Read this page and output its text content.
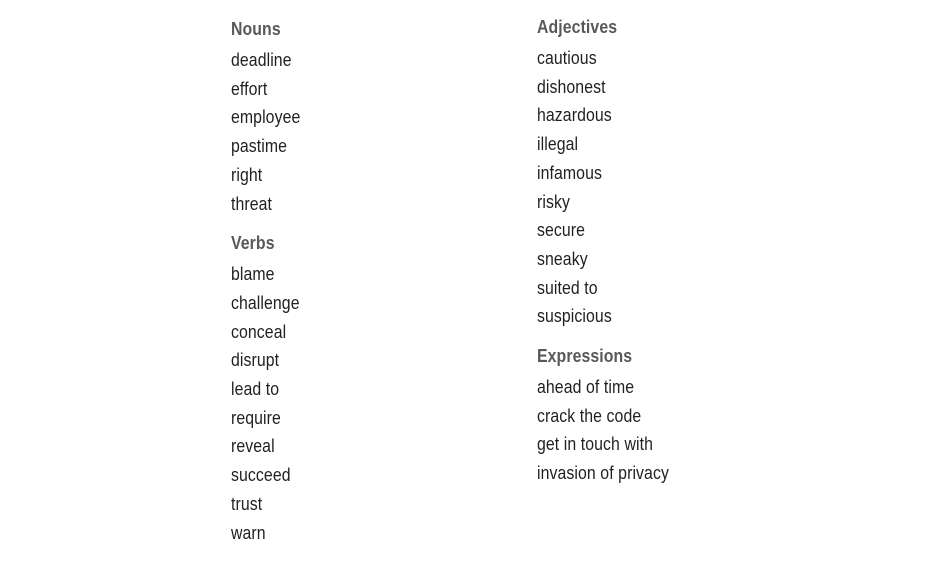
Nouns
deadline
effort
employee
pastime
right
threat
Verbs
blame
challenge
conceal
disrupt
lead to
require
reveal
succeed
trust
warn
Adjectives
cautious
dishonest
hazardous
illegal
infamous
risky
secure
sneaky
suited to
suspicious
Expressions
ahead of time
crack the code
get in touch with
invasion of privacy
